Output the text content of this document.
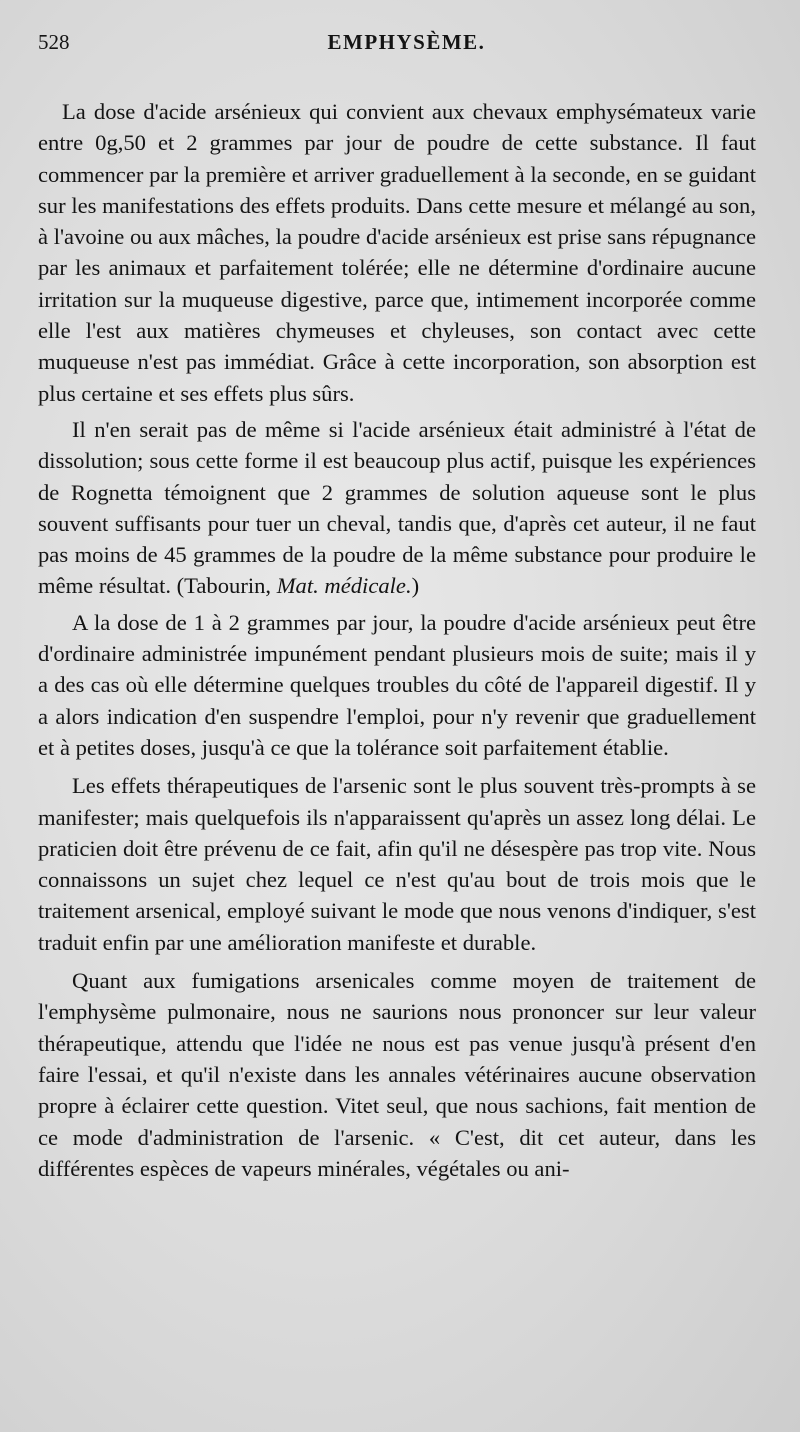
528	EMPHYSÈME.

La dose d'acide arsénieux qui convient aux chevaux emphysémateux varie entre 0g,50 et 2 grammes par jour de poudre de cette substance. Il faut commencer par la première et arriver graduellement à la seconde, en se guidant sur les manifestations des effets produits. Dans cette mesure et mélangé au son, à l'avoine ou aux mâches, la poudre d'acide arsénieux est prise sans répugnance par les animaux et parfaitement tolérée; elle ne détermine d'ordinaire aucune irritation sur la muqueuse digestive, parce que, intimement incorporée comme elle l'est aux matières chymeuses et chyleuses, son contact avec cette muqueuse n'est pas immédiat. Grâce à cette incorporation, son absorption est plus certaine et ses effets plus sûrs.

Il n'en serait pas de même si l'acide arsénieux était administré à l'état de dissolution; sous cette forme il est beaucoup plus actif, puisque les expériences de Rognetta témoignent que 2 grammes de solution aqueuse sont le plus souvent suffisants pour tuer un cheval, tandis que, d'après cet auteur, il ne faut pas moins de 45 grammes de la poudre de la même substance pour produire le même résultat. (Tabourin, Mat. médicale.)

A la dose de 1 à 2 grammes par jour, la poudre d'acide arsénieux peut être d'ordinaire administrée impunément pendant plusieurs mois de suite; mais il y a des cas où elle détermine quelques troubles du côté de l'appareil digestif. Il y a alors indication d'en suspendre l'emploi, pour n'y revenir que graduellement et à petites doses, jusqu'à ce que la tolérance soit parfaitement établie.

Les effets thérapeutiques de l'arsenic sont le plus souvent très-prompts à se manifester; mais quelquefois ils n'apparaissent qu'après un assez long délai. Le praticien doit être prévenu de ce fait, afin qu'il ne désespère pas trop vite. Nous connaissons un sujet chez lequel ce n'est qu'au bout de trois mois que le traitement arsenical, employé suivant le mode que nous venons d'indiquer, s'est traduit enfin par une amélioration manifeste et durable.

Quant aux fumigations arsenicales comme moyen de traitement de l'emphysème pulmonaire, nous ne saurions nous prononcer sur leur valeur thérapeutique, attendu que l'idée ne nous est pas venue jusqu'à présent d'en faire l'essai, et qu'il n'existe dans les annales vétérinaires aucune observation propre à éclairer cette question. Vitet seul, que nous sachions, fait mention de ce mode d'administration de l'arsenic. « C'est, dit cet auteur, dans les différentes espèces de vapeurs minérales, végétales ou ani-
